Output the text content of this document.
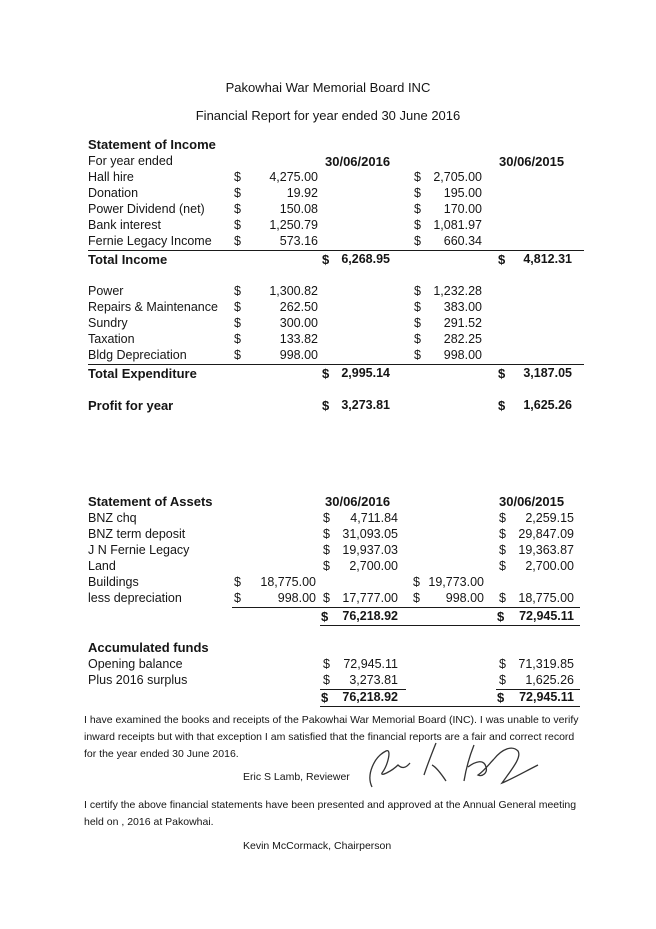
Pakowhai War Memorial Board INC
Financial Report for year ended 30 June 2016
Statement of Income
For year ended	30/06/2016	30/06/2015
Hall hire	$	4,275.00	$ 2,705.00
Donation	$	19.92	$	195.00
Power Dividend (net) $	150.08	$	170.00
Bank interest	$	1,250.79	$ 1,081.97
Fernie Legacy Income $	573.16	$	660.34
Total Income	$ 6,268.95	$	4,812.31
Power	$	1,300.82	$ 1,232.28
Repairs & Maintenance $	262.50	$	383.00
Sundry	$	300.00	$	291.52
Taxation	$	133.82	$	282.25
Bldg Depreciation	$	998.00	$	998.00
Total Expenditure	$ 2,995.14	$	3,187.05
Profit for year	$ 3,273.81	$	1,625.26
Statement of Assets	30/06/2016	30/06/2015
BNZ chq	$	4,711.84	$	2,259.15
BNZ term deposit	$ 31,093.05	$ 29,847.09
J N Fernie Legacy	$ 19,937.03	$ 19,363.87
Land	$	2,700.00	$	2,700.00
Buildings	$	18,775.00	$ 19,773.00
less depreciation	$	998.00 $ 17,777.00 $	998.00 $ 18,775.00
$	76,218.92	$	72,945.11
Accumulated funds
Opening balance	$	72,945.11	$ 71,319.85
Plus 2016 surplus	$	3,273.81	$	1,625.26
$	76,218.92	$	72,945.11
I have examined the books and receipts of the Pakowhai War Memorial Board (INC). I was unable to verify inward receipts but with that exception I am satisfied that the financial reports are a fair and correct record for the year ended 30 June 2016.
Eric S Lamb, Reviewer
I certify the above financial statements have been presented and approved at the Annual General meeting held on , 2016 at Pakowhai.
Kevin McCormack, Chairperson
